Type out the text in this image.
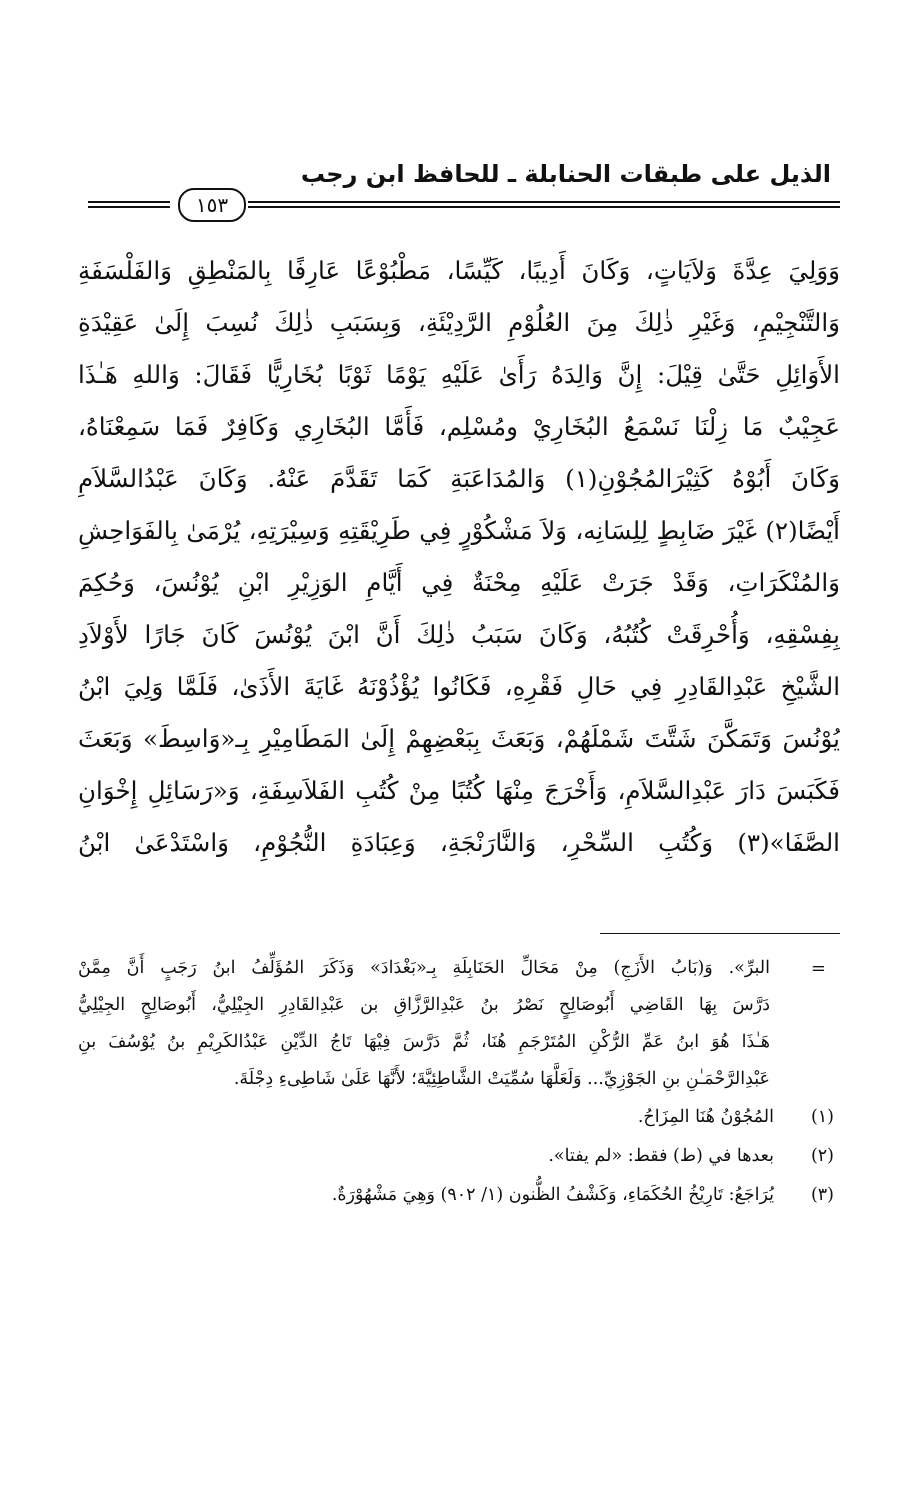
الذيل على طبقات الحنابلة ـ للحافظ ابن رجب
١٥٣
وَوَلِيَ عِدَّةَ وَلاَيَاتٍ، وَكَانَ أَدِيبًا، كَيِّسًا، مَطْبُوْعًا عَارِفًا بِالمَنْطِقِ وَالفَلْسَفَةِ
وَالتَّنْجِيْمِ، وَغَيْرِ ذٰلِكَ مِنَ العُلُوْمِ الرَّدِيْئَةِ، وَبِسَبَبِ ذٰلِكَ نُسِبَ إِلَىٰ عَقِيْدَةِ
الأَوَائِلِ حَتَّىٰ قِيْلَ: إِنَّ وَالِدَهُ رَأَىٰ عَلَيْهِ يَوْمًا ثَوْبًا بُخَارِيًّا فَقَالَ: وَاللهِ هَـٰذَا
عَجِيْبٌ مَا زِلْنَا نَسْمَعُ البُخَارِيْ ومُسْلِم، فَأَمَّا البُخَارِي وَكَافِرٌ فَمَا سَمِعْنَاهُ،
وَكَانَ أَبُوْهُ كَثِيْرَالمُجُوْنِ(١) وَالمُدَاعَبَةِ كَمَا تَقَدَّمَ عَنْهُ. وَكَانَ عَبْدُالسَّلاَمِ
أَيْضًا(٢) غَيْرَ ضَابِطٍ لِلِسَانِه، وَلاَ مَشْكُوْرٍ فِي طَرِيْقَتِهِ وَسِيْرَتِهِ، يُرْمَىٰ بِالفَوَاحِشِ
وَالمُنْكَرَاتِ، وَقَدْ جَرَتْ عَلَيْهِ مِحْنَةٌ فِي أَيَّامِ الوَزِيْرِ ابْنِ يُوْنُسَ، وَحُكِمَ
بِفِسْقِهِ، وَأُحْرِقَتْ كُتُبُهُ، وَكَانَ سَبَبُ ذٰلِكَ أَنَّ ابْنَ يُوْنُسَ كَانَ جَارًا لأَوْلاَدِ
الشَّيْخِ عَبْدِالقَادِرِ فِي حَالِ فَقْرِهِ، فَكَانُوا يُؤْذُوْنَهُ غَايَةَ الأَذَىٰ، فَلَمَّا وَلِيَ ابْنُ
يُوْنُسَ وَتَمَكَّنَ شَتَّتَ شَمْلَهُمْ، وَبَعَثَ بِبَعْضِهِمْ إِلَىٰ المَطَامِيْرِ بِـ«وَاسِطَ» وَبَعَثَ
فَكَبَسَ دَارَ عَبْدِالسَّلاَمِ، وَأَخْرَجَ مِنْهَا كُتُبًا مِنْ كُتُبِ الفَلاَسِفَةِ، وَ«رَسَائِلِ إِخْوَانِ
الصَّفَا»(٣) وَكُتُبِ السِّحْرِ، وَالنَّارَنْجَةِ، وَعِبَادَةِ النُّجُوْمِ، وَاسْتَدْعَىٰ ابْنُ
=
البرِّ». وَ(بَابُ الأَزَجِ) مِنْ مَحَالِّ الحَنَابِلَةِ بِـ«بَغْدَادَ» وَذَكَرَ المُؤَلِّفُ ابنُ رَجَبٍ أَنَّ مِمَّنْ
دَرَّسَ بِهَا القَاضِي أَبُوصَالِحٍ نَصْرُ بنُ عَبْدِالرَّزَّاقِ بن عَبْدِالقَادِرِ الجِيْلِيُّ، أَبُوصَالِحٍ الجِيْلِيُّ
هَـٰذَا هُوَ ابنُ عَمِّ الرُّكْنِ المُتَرْجَمِ هُنَا، ثُمَّ دَرَّسَ فِيْهَا تَاجُ الدِّيْنِ عَبْدُالكَرِيْمِ بنُ يُوْسُفَ بنِ
عَبْدِالرَّحْمَـٰنِ بنِ الجَوْزِيِّ... وَلَعَلَّهَا سُمِّيَتْ الشَّاطِئِيَّةَ؛ لأَنَّهَا عَلَىٰ شَاطِىءِ دِجْلَةَ.
(١)
المُجُوْنُ هُنَا المِزَاحُ.
(٢)
بعدها في (ط) فقط: «لم يفتا».
(٣)
يُرَاجَعُ: تَارِيْخُ الحُكَمَاءِ، وَكَشْفُ الظُّنون (١/ ٩٠٢) وَهِيَ مَشْهُوْرَةٌ.
